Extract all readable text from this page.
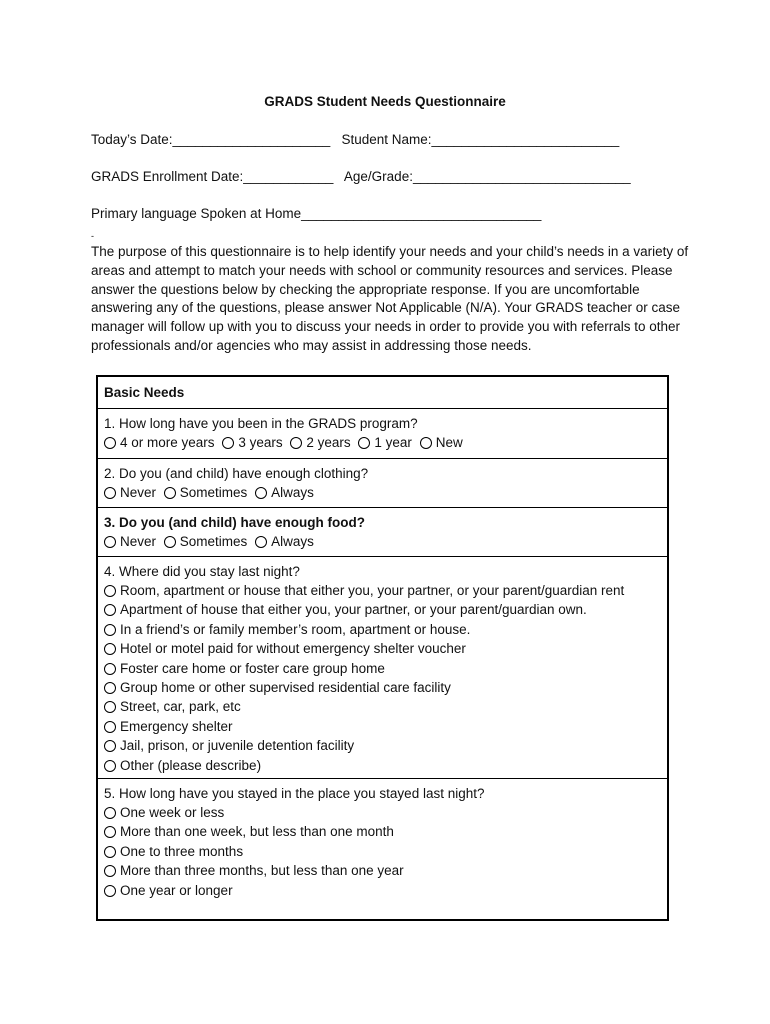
GRADS Student Needs Questionnaire
Today’s Date:_____________________   Student Name:_________________________
GRADS Enrollment Date:____________   Age/Grade:_____________________________
Primary language Spoken at Home________________________________
-
The purpose of this questionnaire is to help identify your needs and your child’s needs in a variety of areas and attempt to match your needs with school or community resources and services. Please answer the questions below by checking the appropriate response. If you are uncomfortable answering any of the questions, please answer Not Applicable (N/A). Your GRADS teacher or case manager will follow up with you to discuss your needs in order to provide you with referrals to other professionals and/or agencies who may assist in addressing those needs.
Basic Needs
1. How long have you been in the GRADS program?
4 or more years 3 years 2 years 1 year New
2. Do you (and child) have enough clothing?
Never Sometimes Always
3. Do you (and child) have enough food?
Never Sometimes Always
4. Where did you stay last night?
Room, apartment or house that either you, your partner, or your parent/guardian rent
Apartment of house that either you, your partner, or your parent/guardian own.
In a friend’s or family member’s room, apartment or house.
Hotel or motel paid for without emergency shelter voucher
Foster care home or foster care group home
Group home or other supervised residential care facility
Street, car, park, etc
Emergency shelter
Jail, prison, or juvenile detention facility
Other (please describe)
5. How long have you stayed in the place you stayed last night?
One week or less
More than one week, but less than one month
One to three months
More than three months, but less than one year
One year or longer
